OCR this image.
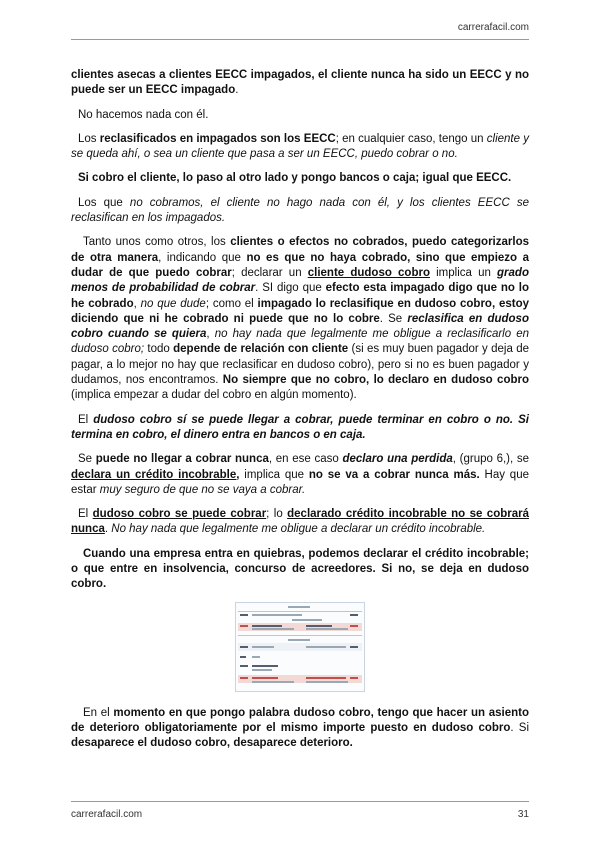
carrerafacil.com

clientes asecas a clientes EECC impagados, el cliente nunca ha sido un EECC y no puede ser un EECC impagado.

No hacemos nada con él.

Los reclasificados en impagados son los EECC; en cualquier caso, tengo un cliente y se queda ahí, o sea un cliente que pasa a ser un EECC, puedo cobrar o no.

Si cobro el cliente, lo paso al otro lado y pongo bancos o caja; igual que EECC.

Los que no cobramos, el cliente no hago nada con él, y los clientes EECC se reclasifican en los impagados.

Tanto unos como otros, los clientes o efectos no cobrados, puedo categorizarlos de otra manera, indicando que no es que no haya cobrado, sino que empiezo a dudar de que puedo cobrar; declarar un cliente dudoso cobro implica un grado menos de probabilidad de cobrar. SI digo que efecto esta impagado digo que no lo he cobrado, no que dude; como el impagado lo reclasifique en dudoso cobro, estoy diciendo que ni he cobrado ni puede que no lo cobre. Se reclasifica en dudoso cobro cuando se quiera, no hay nada que legalmente me obligue a reclasificarlo en dudoso cobro; todo depende de relación con cliente (si es muy buen pagador y deja de pagar, a lo mejor no hay que reclasificar en dudoso cobro), pero si no es buen pagador y dudamos, nos encontramos. No siempre que no cobro, lo declaro en dudoso cobro (implica empezar a dudar del cobro en algún momento).

El dudoso cobro sí se puede llegar a cobrar, puede terminar en cobro o no. Si termina en cobro, el dinero entra en bancos o en caja.

Se puede no llegar a cobrar nunca, en ese caso declaro una perdida, (grupo 6,), se declara un crédito incobrable, implica que no se va a cobrar nunca más. Hay que estar muy seguro de que no se vaya a cobrar.

El dudoso cobro se puede cobrar; lo declarado crédito incobrable no se cobrará nunca. No hay nada que legalmente me obligue a declarar un crédito incobrable.

Cuando una empresa entra en quiebras, podemos declarar el crédito incobrable; o que entre en insolvencia, concurso de acreedores. Si no, se deja en dudoso cobro.

En el momento en que pongo palabra dudoso cobro, tengo que hacer un asiento de deterioro obligatoriamente por el mismo importe puesto en dudoso cobro. Si desaparece el dudoso cobro, desaparece deterioro.

carrerafacil.com	31
